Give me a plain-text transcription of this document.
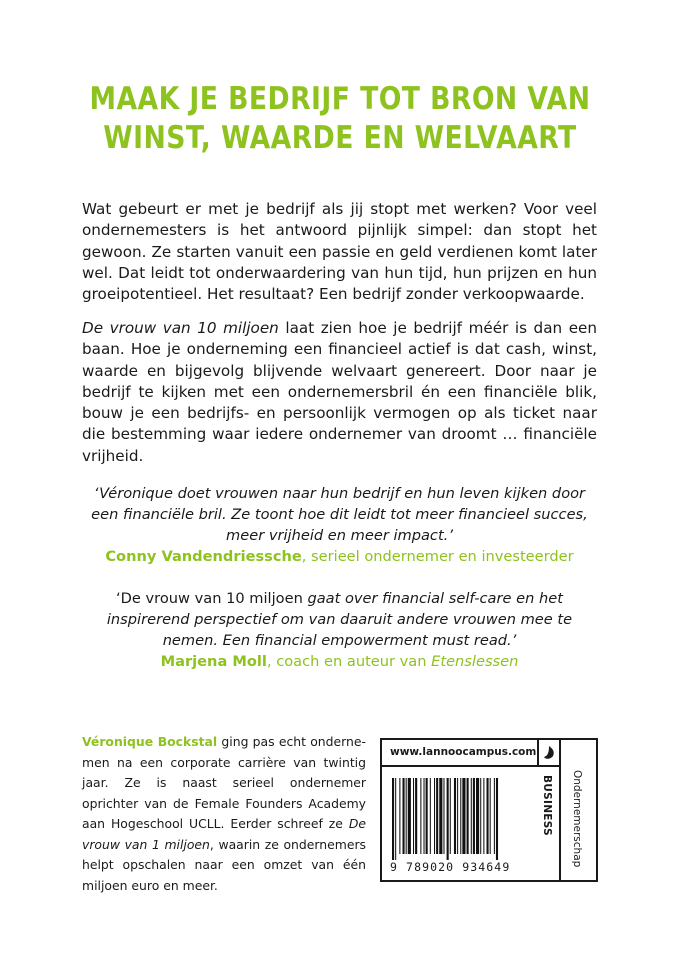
MAAK JE BEDRIJF TOT BRON VAN
WINST, WAARDE EN WELVAART

Wat gebeurt er met je bedrijf als jij stopt met werken? Voor veel ondernemesters is het antwoord pijnlijk simpel: dan stopt het gewoon. Ze starten vanuit een passie en geld verdienen komt later wel. Dat leidt tot onderwaardering van hun tijd, hun prijzen en hun groeipotentieel. Het resultaat? Een bedrijf zonder verkoopwaarde.

De vrouw van 10 miljoen laat zien hoe je bedrijf méér is dan een baan. Hoe je onderneming een financieel actief is dat cash, winst, waarde en bijgevolg blijvende welvaart genereert. Door naar je bedrijf te kijken met een ondernemersbril én een financiële blik, bouw je een bedrijfs- en persoonlijk vermogen op als ticket naar die bestemming waar iedere ondernemer van droomt … financiële vrijheid.

‘Véronique doet vrouwen naar hun bedrijf en hun leven kijken door een financiële bril. Ze toont hoe dit leidt tot meer financieel succes, meer vrijheid en meer impact.’
Conny Vandendriessche, serieel ondernemer en investeerder
‘De vrouw van 10 miljoen gaat over financial self-care en het inspirerend perspectief om van daaruit andere vrouwen mee te nemen. Een financial empowerment must read.’
Marjena Moll, coach en auteur van Etenslessen
Véronique Bockstal ging pas echt ondernemen na een corporate carrière van twintig jaar. Ze is naast serieel ondernemer oprichter van de Female Founders Academy aan Hogeschool UCLL. Eerder schreef ze De vrouw van 1 miljoen, waarin ze ondernemers helpt opschalen naar een omzet van één miljoen euro en meer.
www.lannoocampus.com
BUSINESS Ondernemerschap
9 789020 934649
